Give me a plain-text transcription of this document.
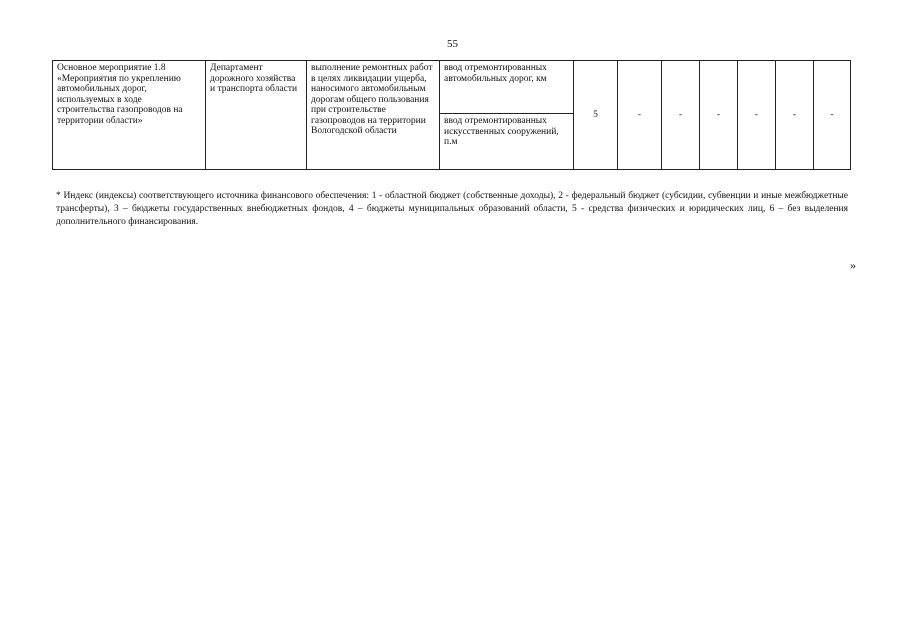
55
Основное мероприятие 1.8 «Мероприятия по укреплению автомобильных дорог, используемых в ходе строительства газопроводов на территории области»	Департамент дорожного хозяйства и транспорта области	выполнение ремонтных работ в целях ликвидации ущерба, наносимого автомобильным дорогам общего пользования при строительстве газопроводов на территории Вологодской области	ввод отремонтированных автомобильных дорог, км	5	-	-	-	-	-	-
ввод отремонтированных искусственных сооружений, п.м
* Индекс (индексы) соответствующего источника финансового обеспечения: 1 - областной бюджет (собственные доходы), 2 - федеральный бюджет (субсидии, субвенции и иные межбюджетные трансферты), 3 – бюджеты государственных внебюджетных фондов, 4 – бюджеты муниципальных образований области, 5 - средства физических и юридических лиц, 6 – без выделения дополнительного финансирования.
»
